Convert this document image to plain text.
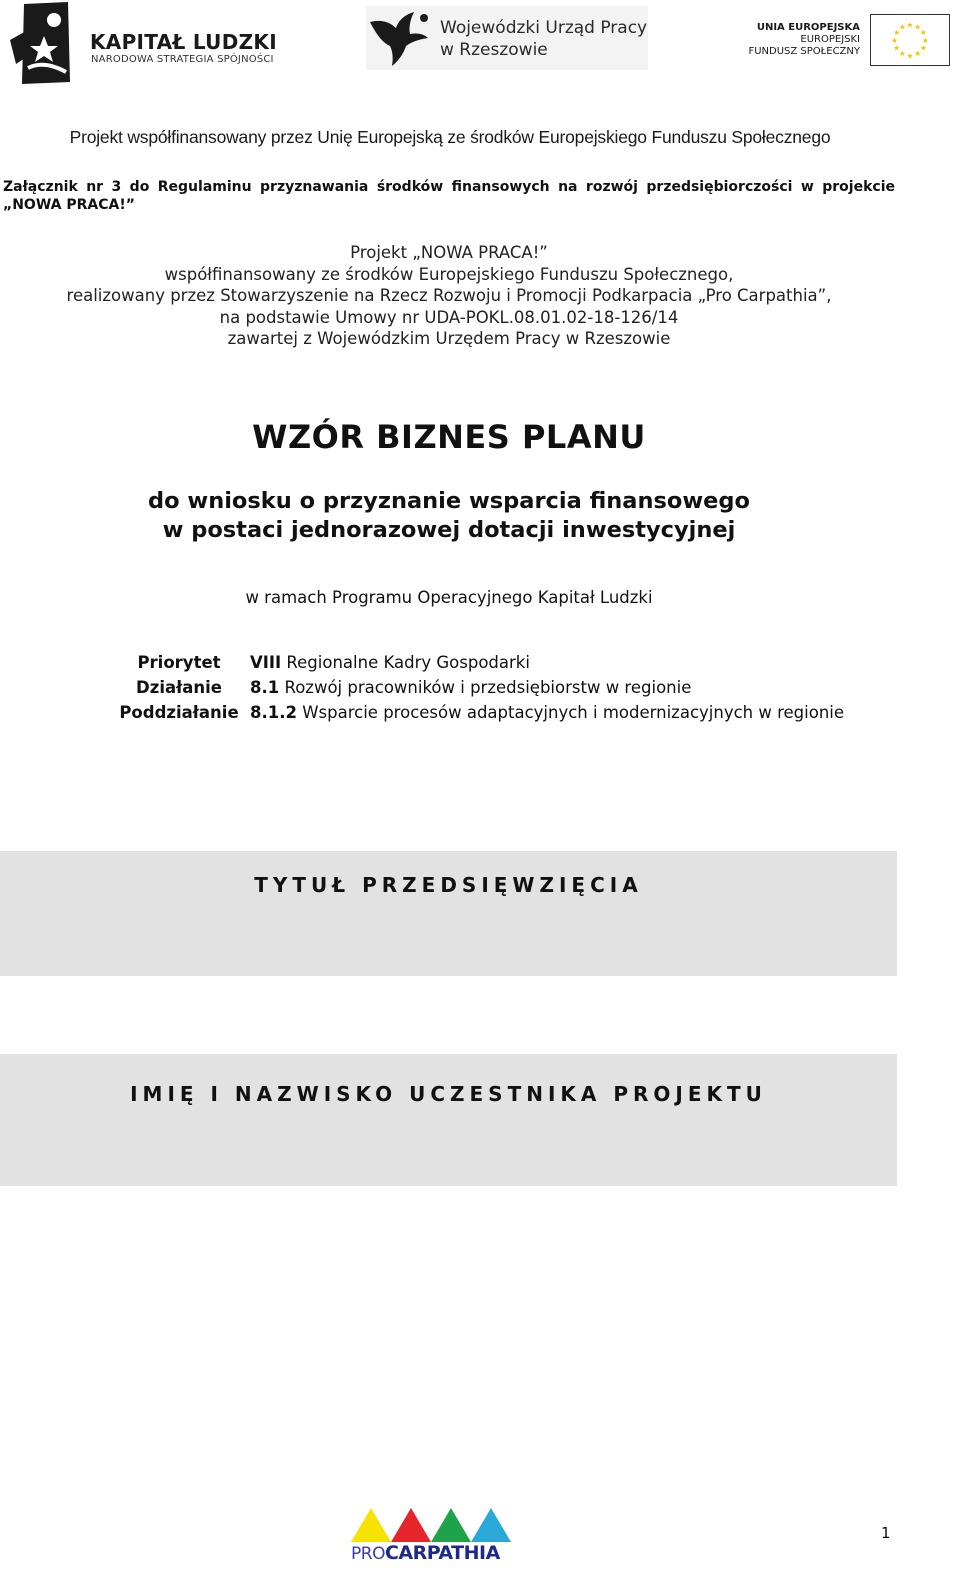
KAPITAŁ LUDZKI
NARODOWA STRATEGIA SPÓJNOŚCI
Wojewódzki Urząd Pracy
w Rzeszowie
UNIA EUROPEJSKA
EUROPEJSKI
FUNDUSZ SPOŁECZNY
★
★
★
★
★
★
★
★
★ ★ ★
★
Projekt współfinansowany przez Unię Europejską ze środków Europejskiego Funduszu Społecznego
Załącznik nr 3 do Regulaminu przyznawania środków finansowych na rozwój przedsiębiorczości w projekcie „NOWA PRACA!”
Projekt „NOWA PRACA!”
współfinansowany ze środków Europejskiego Funduszu Społecznego,
realizowany przez Stowarzyszenie na Rzecz Rozwoju i Promocji Podkarpacia „Pro Carpathia”,
na podstawie Umowy nr UDA-POKL.08.01.02-18-126/14
zawartej z Wojewódzkim Urzędem Pracy w Rzeszowie
WZÓR BIZNES PLANU
do wniosku o przyznanie wsparcia finansowego
w postaci jednorazowej dotacji inwestycyjnej
w ramach Programu Operacyjnego Kapitał Ludzki
Priorytet	VIII Regionalne Kadry Gospodarki
Działanie	8.1 Rozwój pracowników i przedsiębiorstw w regionie
Poddziałanie	8.1.2 Wsparcie procesów adaptacyjnych i modernizacyjnych w regionie
TYTUŁ PRZEDSIĘWZIĘCIA
IMIĘ I NAZWISKO UCZESTNIKA PROJEKTU
PROCARPATHIA
1
